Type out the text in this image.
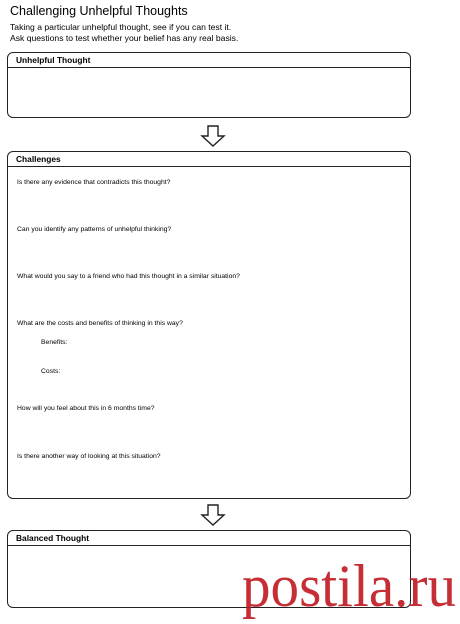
Challenging Unhelpful Thoughts
Taking a particular unhelpful thought, see if you can test it.
Ask questions to test whether your belief has any real basis.
Unhelpful Thought
Challenges
Is there any evidence that contradicts this thought?
Can you identify any patterns of unhelpful thinking?
What would you say to a friend who had this thought in a similar situation?
What are the costs and benefits of thinking in this way?
Benefits:
Costs:
How will you feel about this in 6 months time?
Is there another way of looking at this situation?
Balanced Thought
postila.ru
